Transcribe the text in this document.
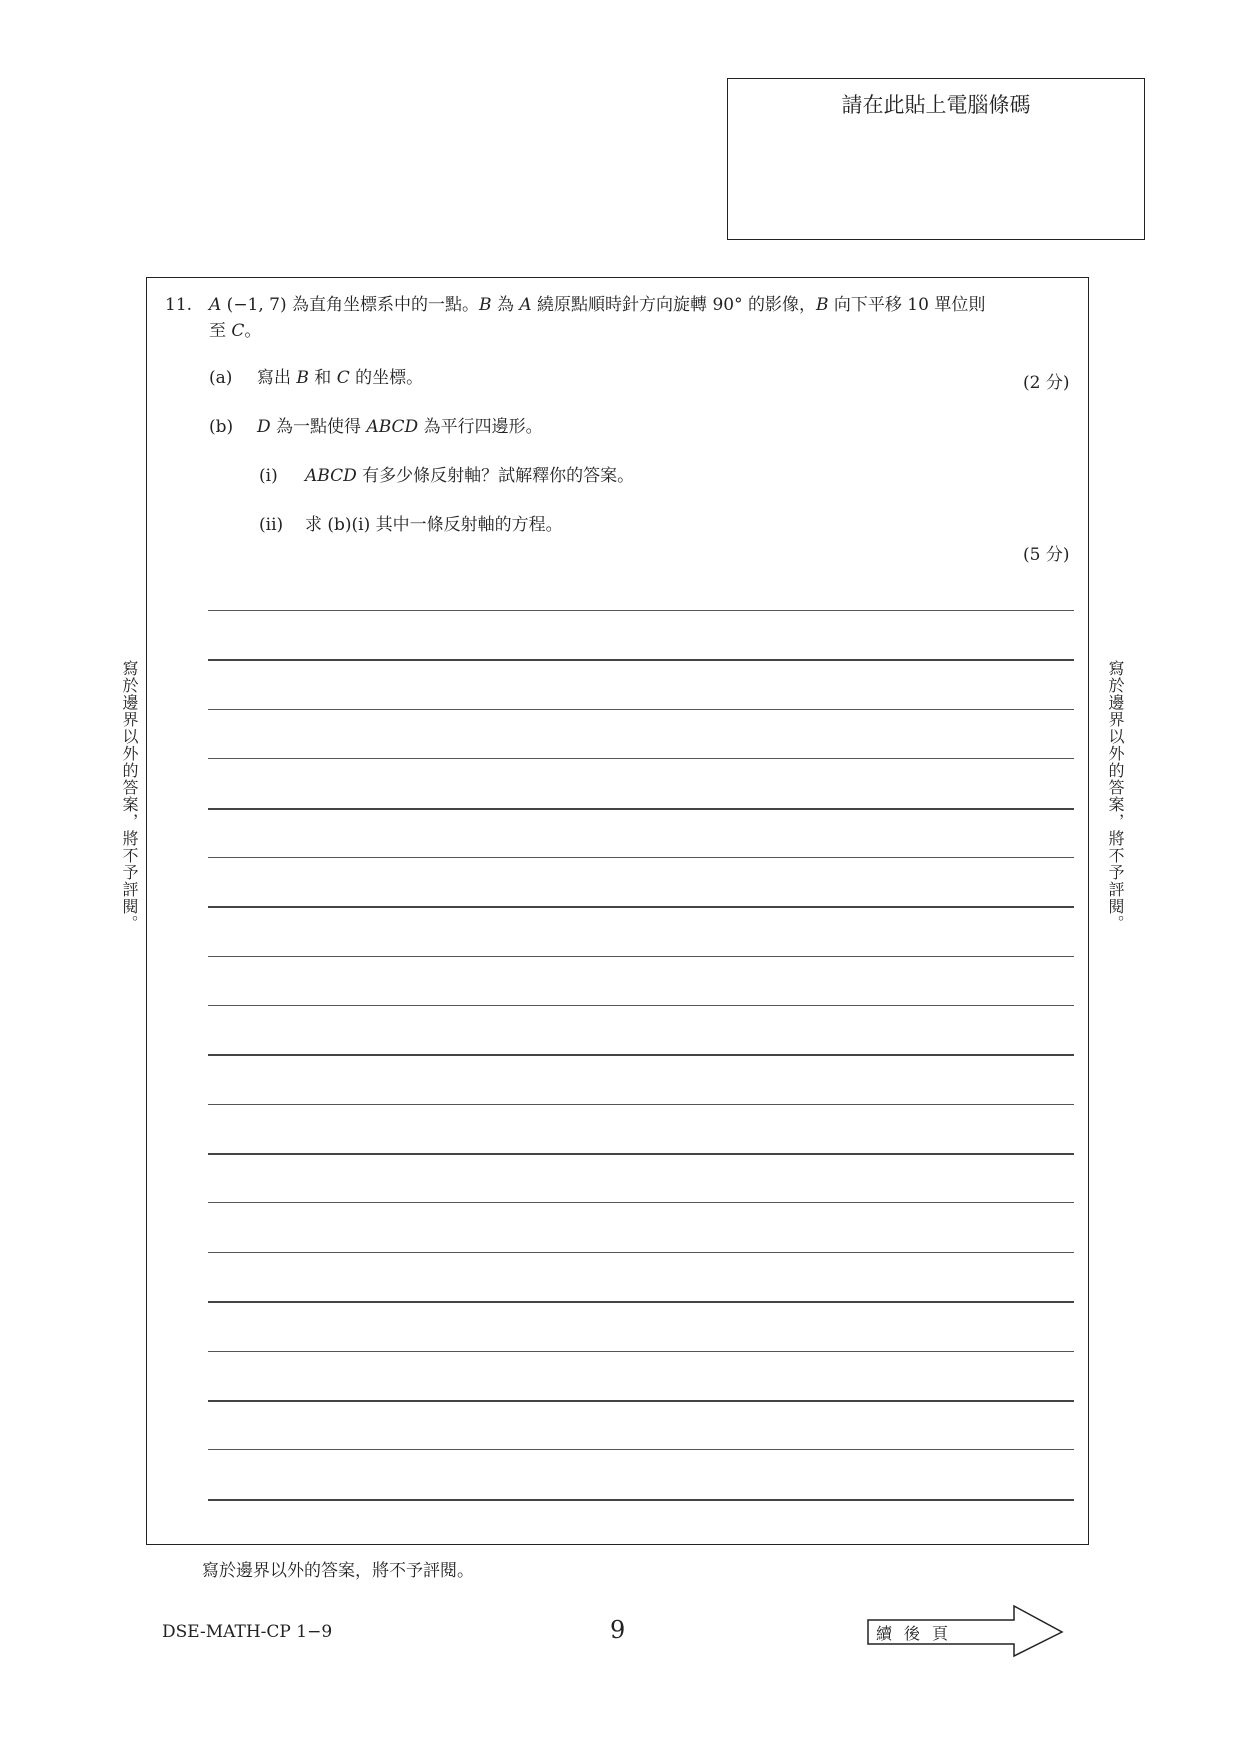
請在此貼上電腦條碼
寫於邊界以外的答案，將不予評閱。	寫於邊界以外的答案，將不予評閱。
11. A (−1, 7) 為直角坐標系中的一點。B 為 A 繞原點順時針方向旋轉 90° 的影像，B 向下平移 10 單位則
至 C。
(a) 寫出 B 和 C 的坐標。	(2 分)
(b) D 為一點使得 ABCD 為平行四邊形。
(i) ABCD 有多少條反射軸？試解釋你的答案。
(ii) 求 (b)(i) 其中一條反射軸的方程。
(5 分)
寫於邊界以外的答案，將不予評閱。
DSE-MATH-CP 1−9	9	續後頁
